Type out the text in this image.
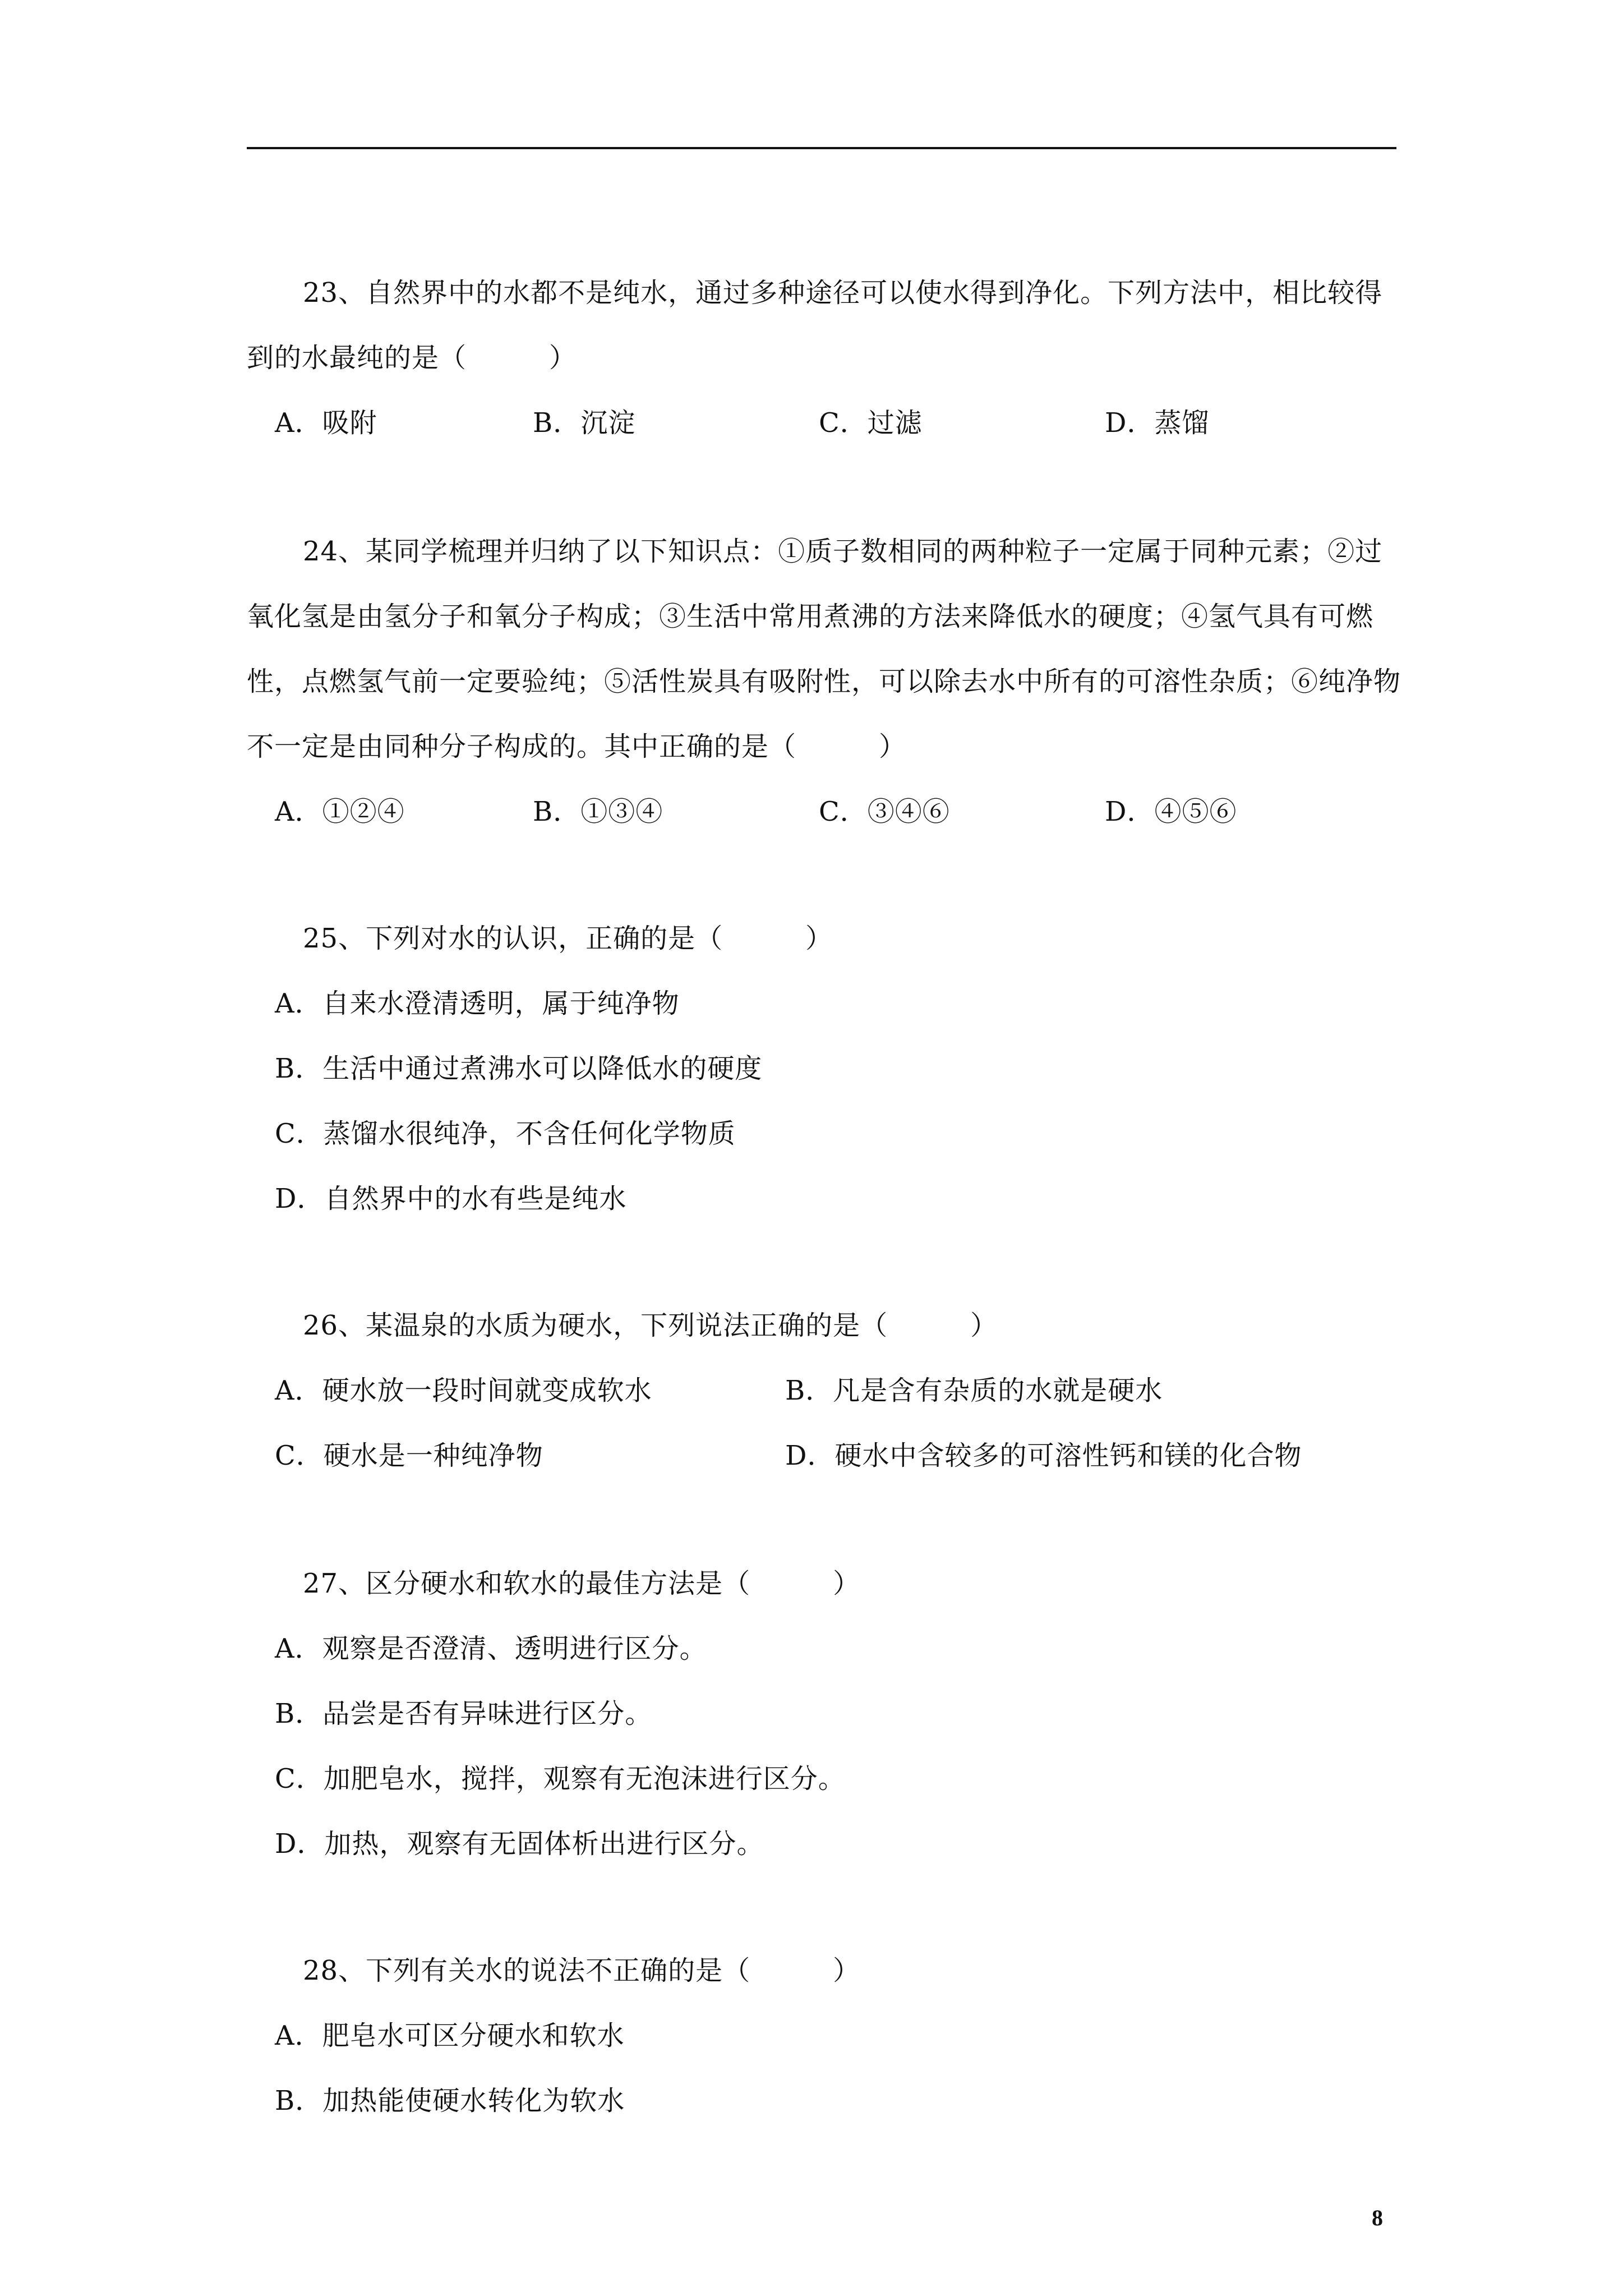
23、自然界中的水都不是纯水，通过多种途径可以使水得到净化。下列方法中，相比较得到的水最纯的是（　　　）

A．吸附	B．沉淀	C．过滤	D．蒸馏

24、某同学梳理并归纳了以下知识点：①质子数相同的两种粒子一定属于同种元素；②过氧化氢是由氢分子和氧分子构成；③生活中常用煮沸的方法来降低水的硬度；④氢气具有可燃性，点燃氢气前一定要验纯；⑤活性炭具有吸附性，可以除去水中所有的可溶性杂质；⑥纯净物不一定是由同种分子构成的。其中正确的是（　　　）

A．①②④	B．①③④	C．③④⑥	D．④⑤⑥

25、下列对水的认识，正确的是（　　　）

A．自来水澄清透明，属于纯净物
B．生活中通过煮沸水可以降低水的硬度
C．蒸馏水很纯净，不含任何化学物质
D．自然界中的水有些是纯水

26、某温泉的水质为硬水，下列说法正确的是（　　　）

A．硬水放一段时间就变成软水	B．凡是含有杂质的水就是硬水
C．硬水是一种纯净物	D．硬水中含较多的可溶性钙和镁的化合物

27、区分硬水和软水的最佳方法是（　　　）

A．观察是否澄清、透明进行区分。
B．品尝是否有异味进行区分。
C．加肥皂水，搅拌，观察有无泡沫进行区分。
D．加热，观察有无固体析出进行区分。

28、下列有关水的说法不正确的是（　　　）

A．肥皂水可区分硬水和软水
B．加热能使硬水转化为软水
8
